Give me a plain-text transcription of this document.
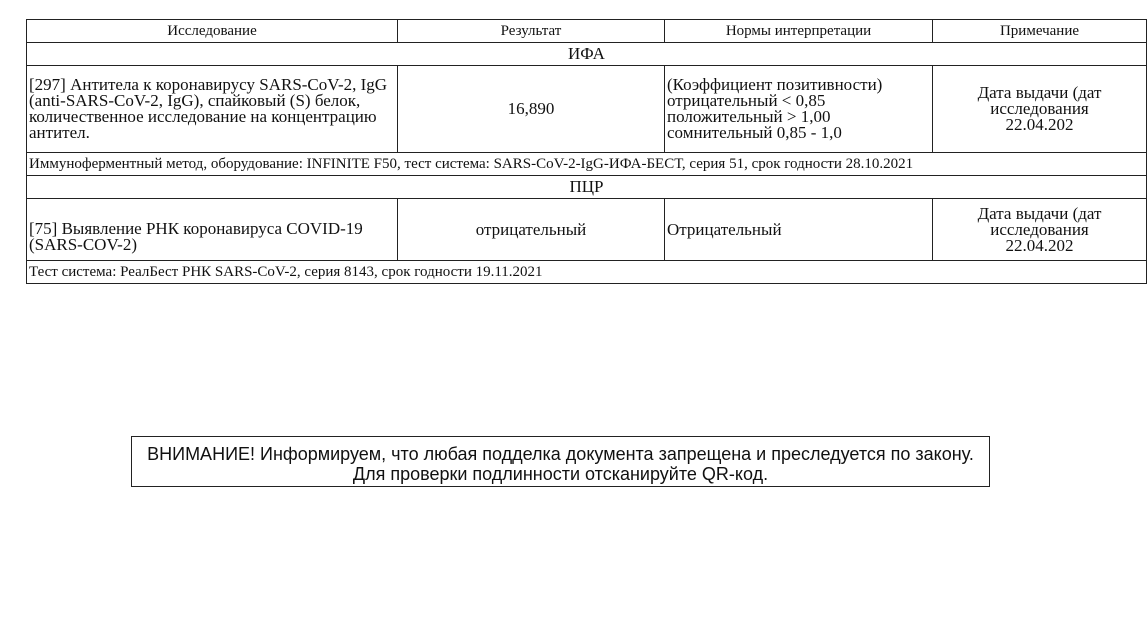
Исследование	Результат	Нормы интерпретации	Примечание
ИФА			
[297] Антитела к коронавирусу SARS-CoV-2, IgG (anti-SARS-CoV-2, IgG), спайковый (S) белок, количественное исследование на концентрацию антител.	16,890	(Коэффициент позитивности)
отрицательный < 0,85
положительный > 1,00
сомнительный 0,85 - 1,0	Дата выдачи (дат
исследования
22.04.202

Иммуноферментный метод, оборудование: INFINITE F50, тест система: SARS-CoV-2-IgG-ИФА-БЕСТ, серия 51, срок годности 28.10.2021			
ПЦР			
[75] Выявление РНК коронавируса COVID-19 (SARS-COV-2)	отрицательный	Отрицательный	Дата выдачи (дат
исследования
22.04.202

Тест система: РеалБест РНК SARS-CoV-2, серия 8143, срок годности 19.11.2021			
ВНИМАНИЕ! Информируем, что любая подделка документа запрещена и преследуется по закону. Для проверки подлинности отсканируйте QR-код.
